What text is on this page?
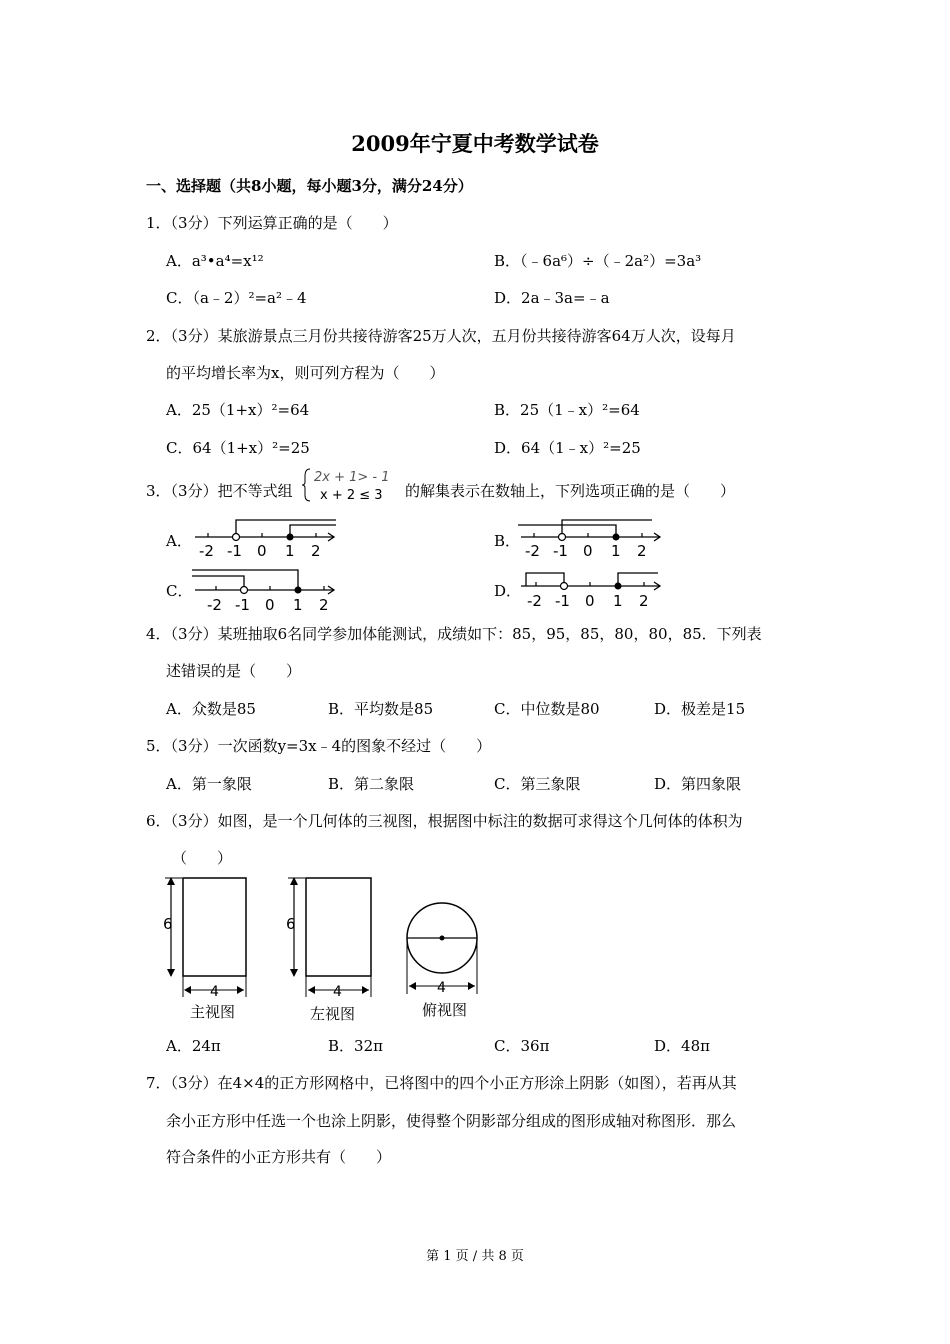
2009年宁夏中考数学试卷
一、选择题（共8小题，每小题3分，满分24分）
1．（3分）下列运算正确的是（　　）
A．a³•a⁴=x¹²	B．（﹣6a⁶）÷（﹣2a²）=3a³
C．（a﹣2）²=a²﹣4	D．2a﹣3a=﹣a
2．（3分）某旅游景点三月份共接待游客25万人次，五月份共接待游客64万人次，设每月
的平均增长率为x，则可列方程为（　　）
A．25（1+x）²=64	B．25（1﹣x）²=64
C．64（1+x）²=25	D．64（1﹣x）²=25
3．（3分）把不等式组
2x + 1> - 1
x + 2 ≤ 3 的解集表示在数轴上，下列选项正确的是（　　）
A．	B．
C．	D．
-2 -1 0 1 2	-2 -1 0 1 2
-2 -1 0 1 2	-2 -1 0 1 2
4．（3分）某班抽取6名同学参加体能测试，成绩如下：85，95，85，80，80，85．下列表
述错误的是（　　）
A．众数是85	B．平均数是85	C．中位数是80	D．极差是15
5．（3分）一次函数y=3x﹣4的图象不经过（　　）
A．第一象限	B．第二象限	C．第三象限	D．第四象限
6．（3分）如图，是一个几何体的三视图，根据图中标注的数据可求得这个几何体的体积为
（　　）
6
4
主视图
6
4
左视图
4
俯视图
A．24π	B．32π	C．36π	D．48π
7．（3分）在4×4的正方形网格中，已将图中的四个小正方形涂上阴影（如图），若再从其
余小正方形中任选一个也涂上阴影，使得整个阴影部分组成的图形成轴对称图形．那么
符合条件的小正方形共有（　　）
第 1 页 / 共 8 页
